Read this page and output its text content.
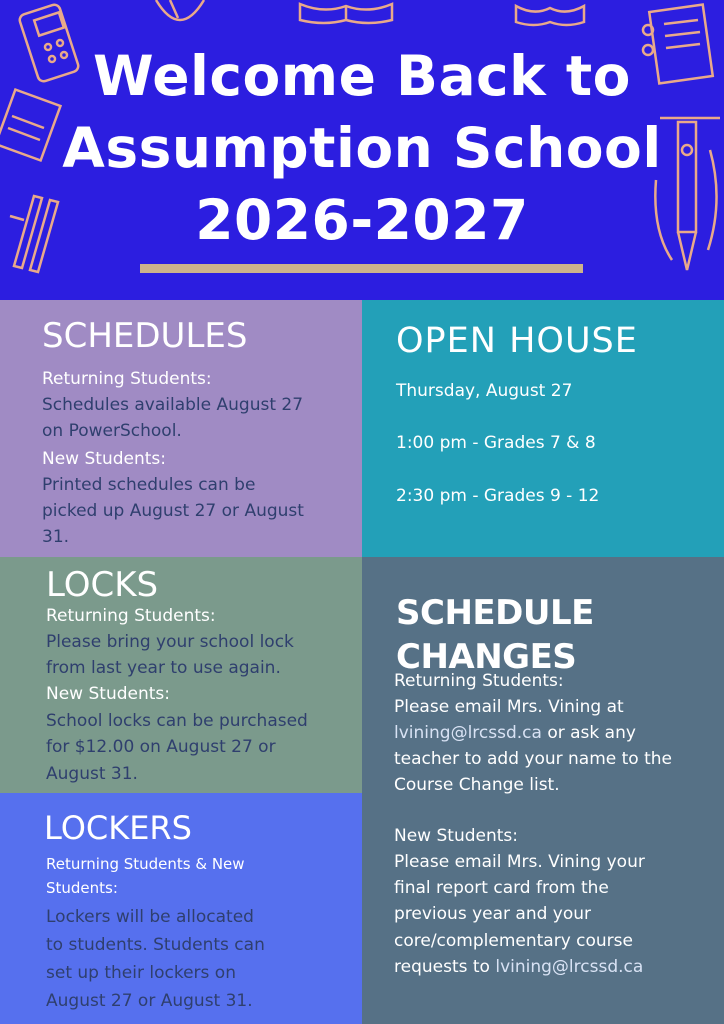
Welcome Back to
Assumption School
2026-2027
SCHEDULES
Returning Students:
Schedules available August 27
on PowerSchool.
New Students:
Printed schedules can be
picked up August 27 or August
31.
OPEN HOUSE
Thursday, August 27
1:00 pm - Grades 7 & 8
2:30 pm - Grades 9 - 12
LOCKS
Returning Students:
Please bring your school lock
from last year to use again.
New Students:
School locks can be purchased
for $12.00 on August 27 or
August 31.
SCHEDULE CHANGES
Returning Students:
Please email Mrs. Vining at
lvining@lrcssd.ca or ask any
teacher to add your name to the
Course Change list.
New Students:
Please email Mrs. Vining your
final report card from the
previous year and your
core/complementary course
requests to lvining@lrcssd.ca
LOCKERS
Returning Students & New
Students:
Lockers will be allocated
to students. Students can
set up their lockers on
August 27 or August 31.
